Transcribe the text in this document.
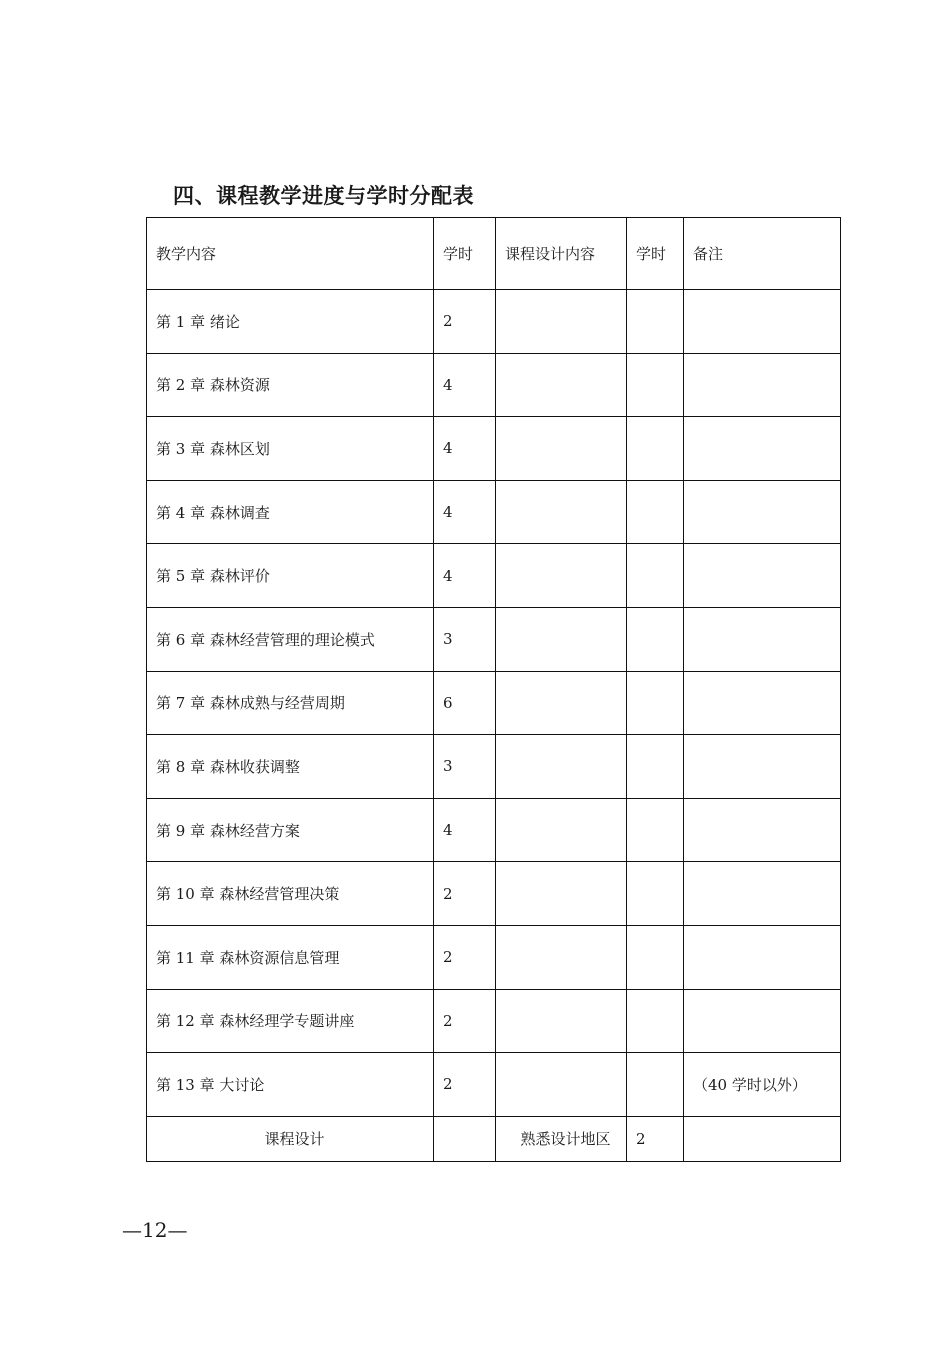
四、课程教学进度与学时分配表
教学内容	学时	课程设计内容	学时	备注
第 1 章 绪论	2			
第 2 章 森林资源	4			
第 3 章 森林区划	4			
第 4 章 森林调查	4			
第 5 章 森林评价	4			
第 6 章 森林经营管理的理论模式	3			
第 7 章 森林成熟与经营周期	6			
第 8 章 森林收获调整	3			
第 9 章 森林经营方案	4			
第 10 章 森林经营管理决策	2			
第 11 章 森林资源信息管理	2			
第 12 章 森林经理学专题讲座	2			
第 13 章 大讨论	2			（40 学时以外）
课程设计		熟悉设计地区	2	

—12—
